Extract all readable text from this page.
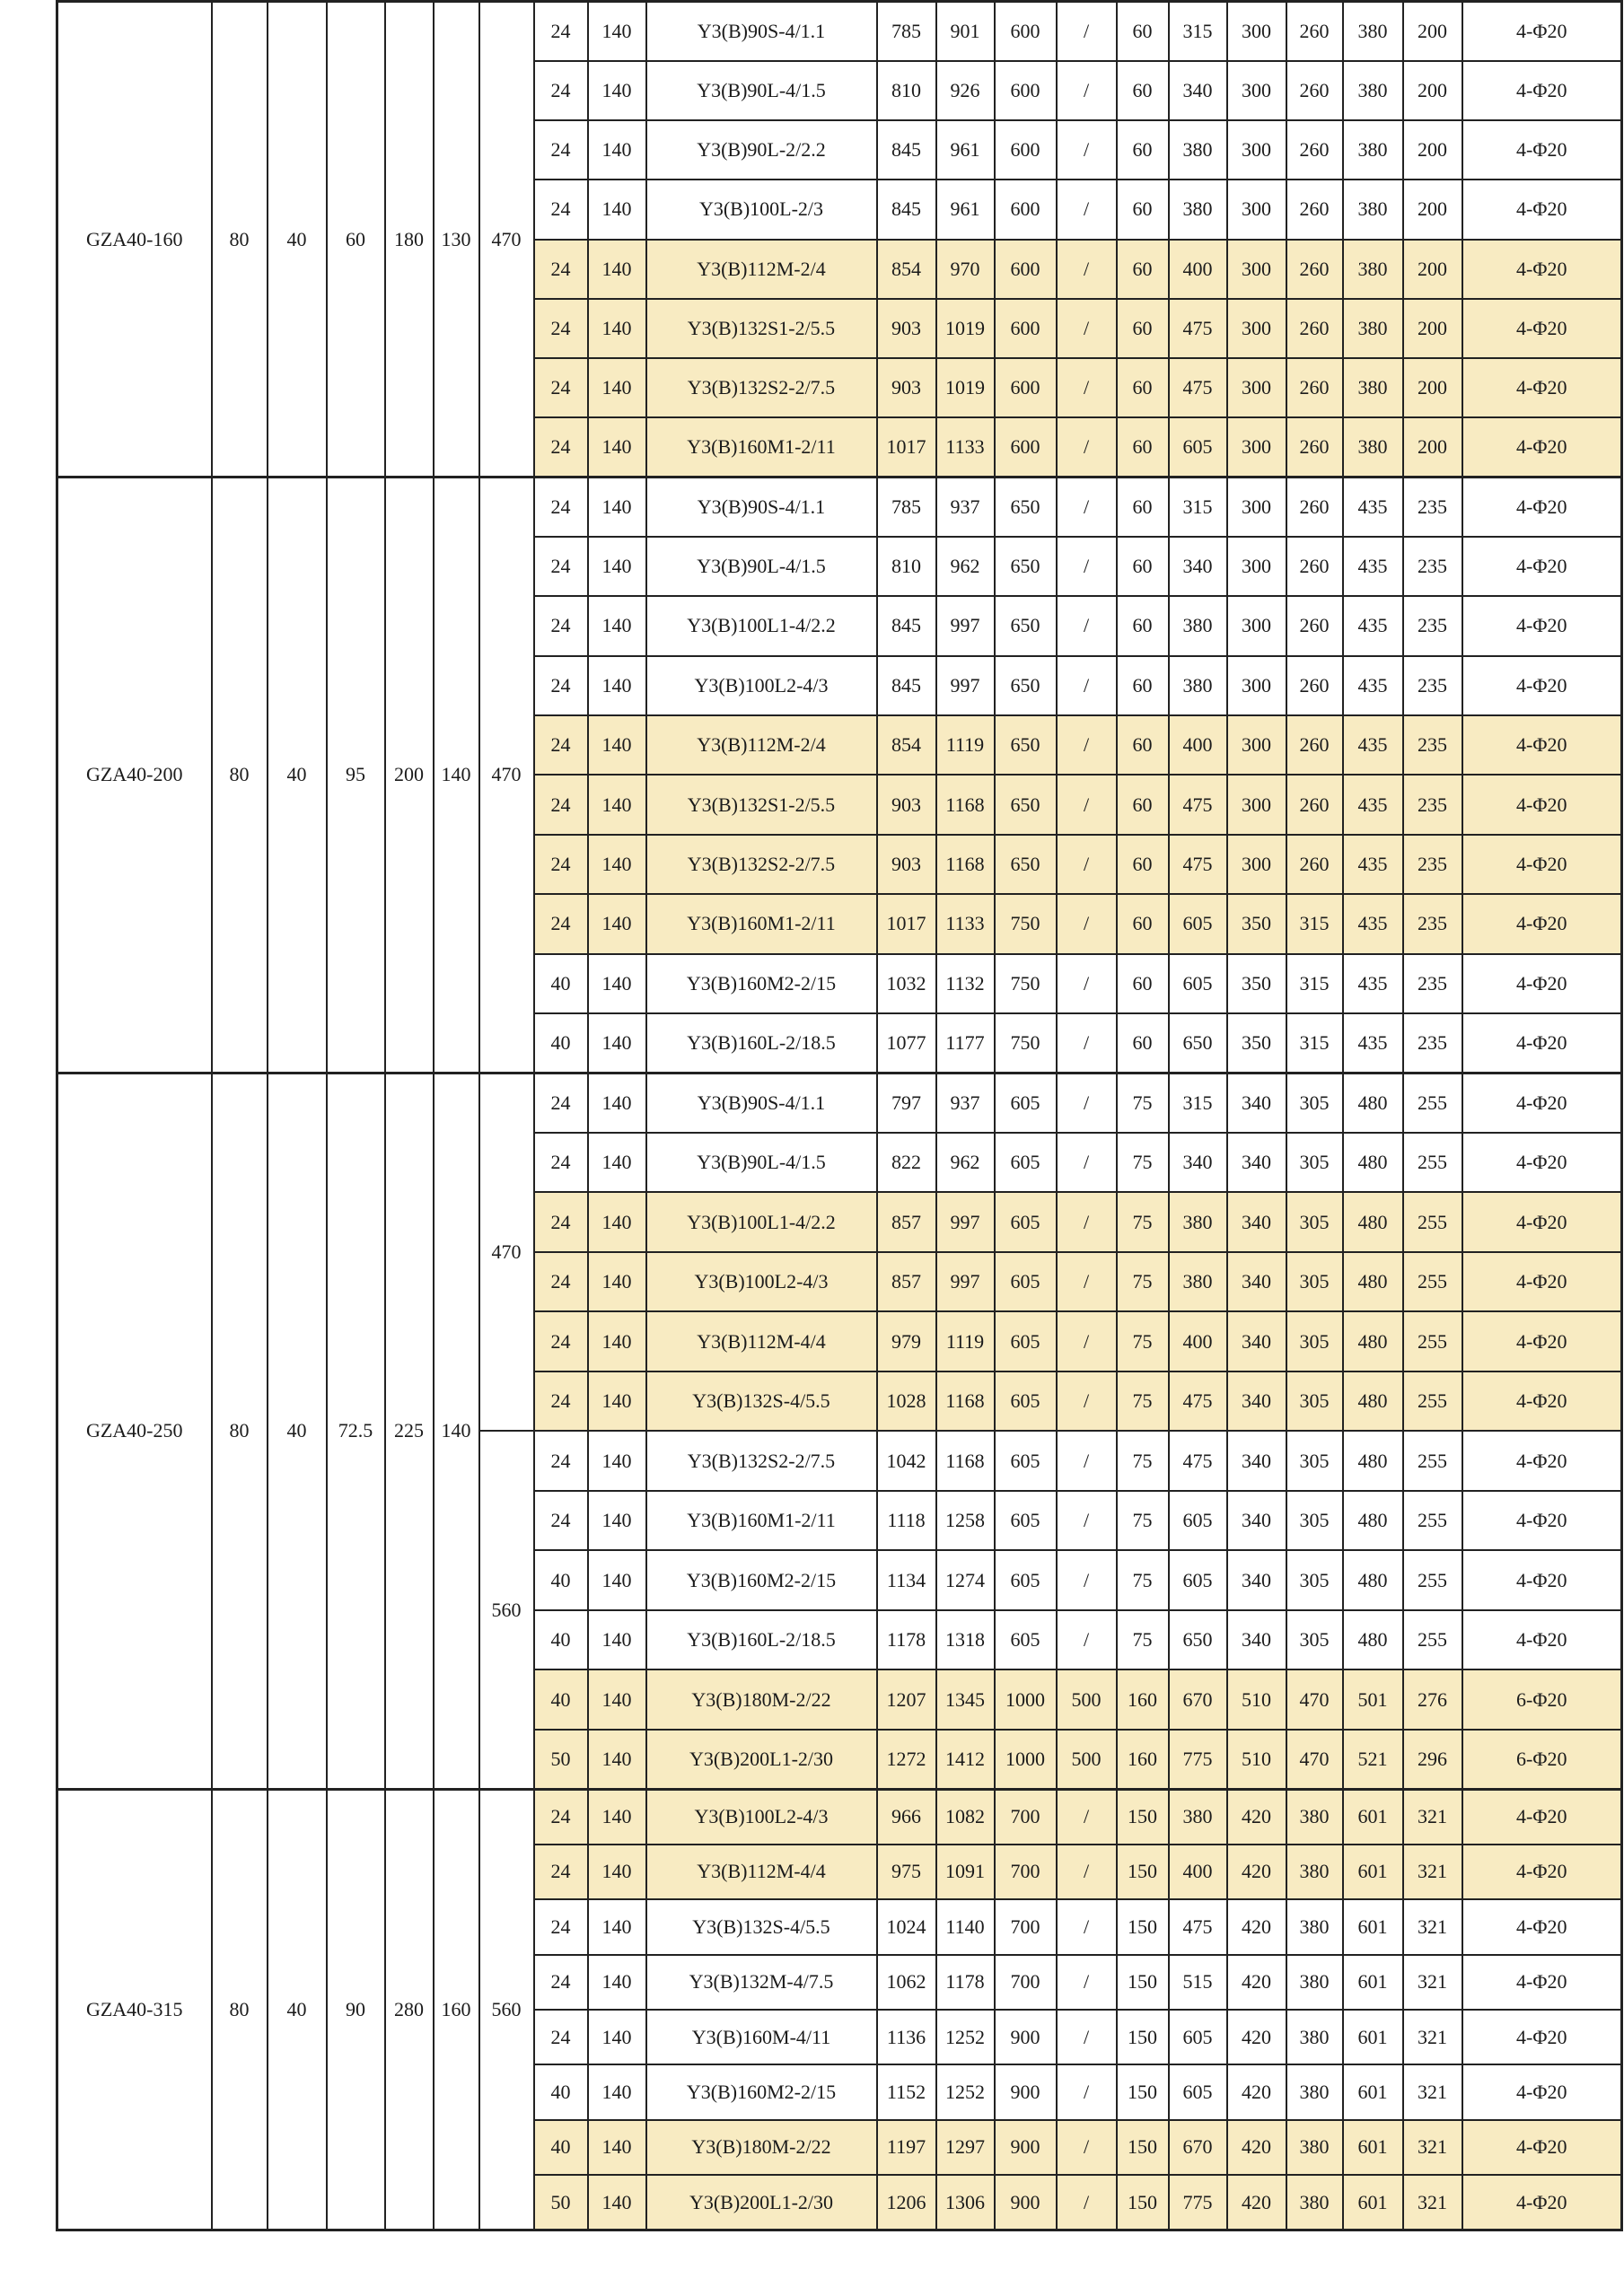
GZA40-160	80	40	60	180	130	470	24	140	Y3(B)90S-4/1.1	785	901	600	/	60	315	300	260	380	200	4-Φ20
							24	140	Y3(B)90L-4/1.5	810	926	600	/	60	340	300	260	380	200	4-Φ20
							24	140	Y3(B)90L-2/2.2	845	961	600	/	60	380	300	260	380	200	4-Φ20
							24	140	Y3(B)100L-2/3	845	961	600	/	60	380	300	260	380	200	4-Φ20
							24	140	Y3(B)112M-2/4	854	970	600	/	60	400	300	260	380	200	4-Φ20
							24	140	Y3(B)132S1-2/5.5	903	1019	600	/	60	475	300	260	380	200	4-Φ20
							24	140	Y3(B)132S2-2/7.5	903	1019	600	/	60	475	300	260	380	200	4-Φ20
							24	140	Y3(B)160M1-2/11	1017	1133	600	/	60	605	300	260	380	200	4-Φ20
GZA40-200	80	40	95	200	140	470	24	140	Y3(B)90S-4/1.1	785	937	650	/	60	315	300	260	435	235	4-Φ20
							24	140	Y3(B)90L-4/1.5	810	962	650	/	60	340	300	260	435	235	4-Φ20
							24	140	Y3(B)100L1-4/2.2	845	997	650	/	60	380	300	260	435	235	4-Φ20
							24	140	Y3(B)100L2-4/3	845	997	650	/	60	380	300	260	435	235	4-Φ20
							24	140	Y3(B)112M-2/4	854	1119	650	/	60	400	300	260	435	235	4-Φ20
							24	140	Y3(B)132S1-2/5.5	903	1168	650	/	60	475	300	260	435	235	4-Φ20
							24	140	Y3(B)132S2-2/7.5	903	1168	650	/	60	475	300	260	435	235	4-Φ20
							24	140	Y3(B)160M1-2/11	1017	1133	750	/	60	605	350	315	435	235	4-Φ20
							40	140	Y3(B)160M2-2/15	1032	1132	750	/	60	605	350	315	435	235	4-Φ20
							40	140	Y3(B)160L-2/18.5	1077	1177	750	/	60	650	350	315	435	235	4-Φ20
GZA40-250	80	40	72.5	225	140	470	24	140	Y3(B)90S-4/1.1	797	937	605	/	75	315	340	305	480	255	4-Φ20
							24	140	Y3(B)90L-4/1.5	822	962	605	/	75	340	340	305	480	255	4-Φ20
							24	140	Y3(B)100L1-4/2.2	857	997	605	/	75	380	340	305	480	255	4-Φ20
							24	140	Y3(B)100L2-4/3	857	997	605	/	75	380	340	305	480	255	4-Φ20
							24	140	Y3(B)112M-4/4	979	1119	605	/	75	400	340	305	480	255	4-Φ20
							24	140	Y3(B)132S-4/5.5	1028	1168	605	/	75	475	340	305	480	255	4-Φ20
						560	24	140	Y3(B)132S2-2/7.5	1042	1168	605	/	75	475	340	305	480	255	4-Φ20
							24	140	Y3(B)160M1-2/11	1118	1258	605	/	75	605	340	305	480	255	4-Φ20
							40	140	Y3(B)160M2-2/15	1134	1274	605	/	75	605	340	305	480	255	4-Φ20
							40	140	Y3(B)160L-2/18.5	1178	1318	605	/	75	650	340	305	480	255	4-Φ20
							40	140	Y3(B)180M-2/22	1207	1345	1000	500	160	670	510	470	501	276	6-Φ20
							50	140	Y3(B)200L1-2/30	1272	1412	1000	500	160	775	510	470	521	296	6-Φ20
GZA40-315	80	40	90	280	160	560	24	140	Y3(B)100L2-4/3	966	1082	700	/	150	380	420	380	601	321	4-Φ20
							24	140	Y3(B)112M-4/4	975	1091	700	/	150	400	420	380	601	321	4-Φ20
							24	140	Y3(B)132S-4/5.5	1024	1140	700	/	150	475	420	380	601	321	4-Φ20
							24	140	Y3(B)132M-4/7.5	1062	1178	700	/	150	515	420	380	601	321	4-Φ20
							24	140	Y3(B)160M-4/11	1136	1252	900	/	150	605	420	380	601	321	4-Φ20
							40	140	Y3(B)160M2-2/15	1152	1252	900	/	150	605	420	380	601	321	4-Φ20
							40	140	Y3(B)180M-2/22	1197	1297	900	/	150	670	420	380	601	321	4-Φ20
							50	140	Y3(B)200L1-2/30	1206	1306	900	/	150	775	420	380	601	321	4-Φ20
